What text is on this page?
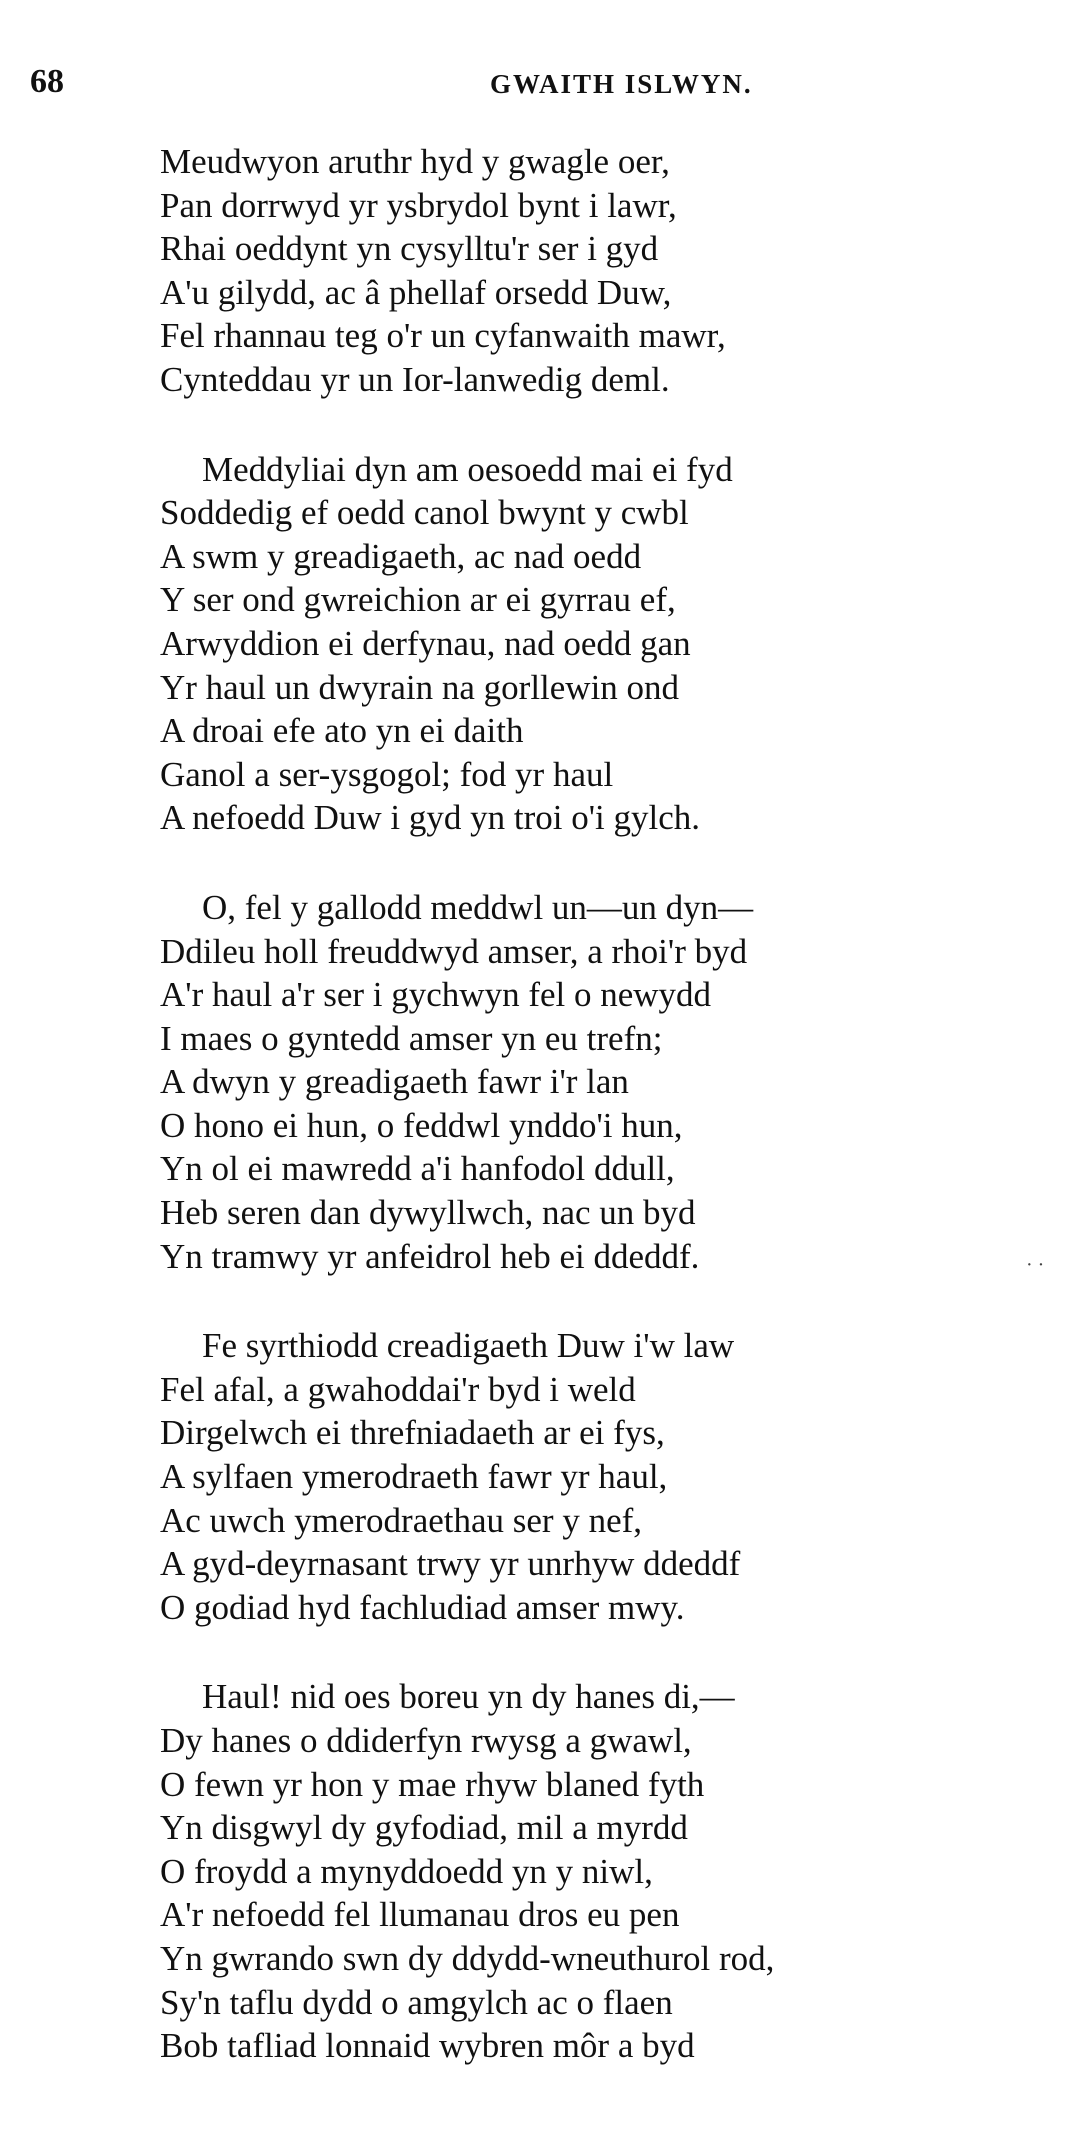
68	GWAITH ISLWYN.
Meudwyon aruthr hyd y gwagle oer,
Pan dorrwyd yr ysbrydol bynt i lawr,
Rhai oeddynt yn cysylltu'r ser i gyd
A'u gilydd, ac â phellaf orsedd Duw,
Fel rhannau teg o'r un cyfanwaith mawr,
Cynteddau yr un Ior-lanwedig deml.
Meddyliai dyn am oesoedd mai ei fyd
Soddedig ef oedd canol bwynt y cwbl
A swm y greadigaeth, ac nad oedd
Y ser ond gwreichion ar ei gyrrau ef,
Arwyddion ei derfynau, nad oedd gan
Yr haul un dwyrain na gorllewin ond
A droai efe ato yn ei daith
Ganol a ser-ysgogol; fod yr haul
A nefoedd Duw i gyd yn troi o'i gylch.
O, fel y gallodd meddwl un—un dyn—
Ddileu holl freuddwyd amser, a rhoi'r byd
A'r haul a'r ser i gychwyn fel o newydd
I maes o gyntedd amser yn eu trefn;
A dwyn y greadigaeth fawr i'r lan
O hono ei hun, o feddwl ynddo'i hun,
Yn ol ei mawredd a'i hanfodol ddull,
Heb seren dan dywyllwch, nac un byd
Yn tramwy yr anfeidrol heb ei ddeddf.
Fe syrthiodd creadigaeth Duw i'w law
Fel afal, a gwahoddai'r byd i weld
Dirgelwch ei threfniadaeth ar ei fys,
A sylfaen ymerodraeth fawr yr haul,
Ac uwch ymerodraethau ser y nef,
A gyd-deyrnasant trwy yr unrhyw ddeddf
O godiad hyd fachludiad amser mwy.
Haul! nid oes boreu yn dy hanes di,—
Dy hanes o ddiderfyn rwysg a gwawl,
O fewn yr hon y mae rhyw blaned fyth
Yn disgwyl dy gyfodiad, mil a myrdd
O froydd a mynyddoedd yn y niwl,
A'r nefoedd fel llumanau dros eu pen
Yn gwrando swn dy ddydd-wneuthurol rod,
Sy'n taflu dydd o amgylch ac o flaen
Bob tafliad lonnaid wybren môr a byd
· ·
